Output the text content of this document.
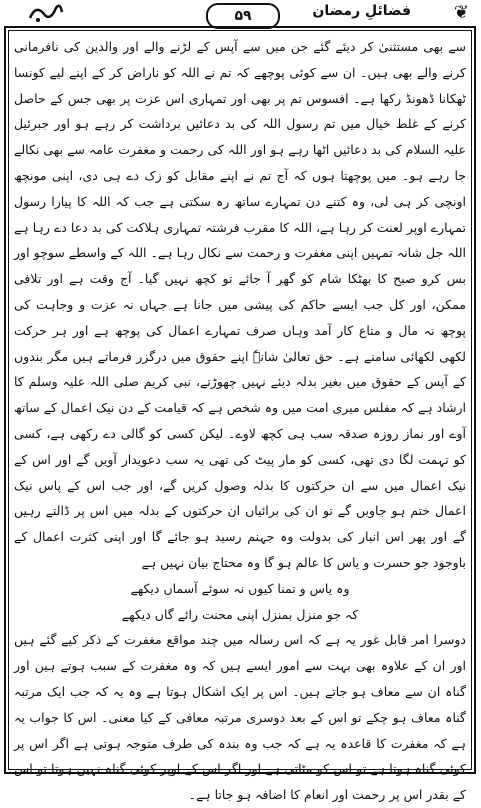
❦
فضائلِ رمضان
۵۹

سے بھی مستثنیٰ کر دیئے گئے جن میں سے آپس کے لڑنے والے اور والدین کی نافرمانی کرنے والے بھی ہیں۔ ان سے کوئی پوچھے کہ تم نے اللہ کو ناراض کر کے اپنے لیے کونسا ٹھکانا ڈھونڈ رکھا ہے۔ افسوس تم پر بھی اور تمہاری اس عزت پر بھی جس کے حاصل کرنے کے غلط خیال میں تم رسول اللہ کی بد دعائیں برداشت کر رہے ہو اور جبرئیل علیہ السلام کی بد دعائیں اٹھا رہے ہو اور اللہ کی رحمت و مغفرت عامہ سے بھی نکالے جا رہے ہو۔ میں پوچھتا ہوں کہ آج تم نے اپنے مقابل کو زک دے ہی دی، اپنی مونچھ اونچی کر ہی لی، وہ کتنے دن تمہارے ساتھ رہ سکتی ہے جب کہ اللہ کا پیارا رسول تمہارے اوپر لعنت کر رہا ہے، اللہ کا مقرب فرشتہ تمہاری ہلاکت کی بد دعا دے رہا ہے اللہ جل شانہ تمہیں اپنی مغفرت و رحمت سے نکال رہا ہے۔ اللہ کے واسطے سوچو اور بس کرو صبح کا بھٹکا شام کو گھر آ جائے تو کچھ نہیں گیا۔ آج وقت ہے اور تلافی ممکن، اور کل جب ایسے حاکم کی پیشی میں جانا ہے جہاں نہ عزت و وجاہت کی پوچھ نہ مال و متاع کار آمد وہاں صرف تمہارے اعمال کی پوچھ ہے اور ہر حرکت لکھی لکھائی سامنے ہے۔ حق تعالیٰ شانہٗ اپنے حقوق میں درگزر فرماتے ہیں مگر بندوں کے آپس کے حقوق میں بغیر بدلہ دیئے نہیں چھوڑتے، نبی کریم صلی اللہ علیہ وسلم کا ارشاد ہے کہ مفلس میری امت میں وہ شخص ہے کہ قیامت کے دن نیک اعمال کے ساتھ آوے اور نماز روزہ صدقہ سب ہی کچھ لاوے۔ لیکن کسی کو گالی دے رکھی ہے، کسی کو تہمت لگا دی تھی، کسی کو مار پیٹ کی تھی یہ سب دعویدار آویں گے اور اس کے نیک اعمال میں سے ان حرکتوں کا بدلہ وصول کریں گے، اور جب اس کے پاس نیک اعمال ختم ہو جاویں گے تو ان کی برائیاں ان حرکتوں کے بدلہ میں اس پر ڈالتے رہیں گے اور پھر اس انبار کی بدولت وہ جہنم رسید ہو جائے گا اور اپنی کثرت اعمال کے باوجود جو حسرت و یاس کا عالم ہو گا وہ محتاج بیان نہیں ہے

وہ یاس و تمنا کیوں نہ سوئے آسماں دیکھے

کہ جو منزل بمنزل اپنی محنت رائے گاں دیکھے

دوسرا امر قابل غور یہ ہے کہ اس رسالہ میں چند مواقع مغفرت کے ذکر کیے گئے ہیں اور ان کے علاوہ بھی بہت سے امور ایسے ہیں کہ وہ مغفرت کے سبب ہوتے ہیں اور گناہ ان سے معاف ہو جاتے ہیں۔ اس پر ایک اشکال ہوتا ہے وہ یہ کہ جب ایک مرتبہ گناہ معاف ہو چکے تو اس کے بعد دوسری مرتبہ معافی کے کیا معنی۔ اس کا جواب یہ ہے کہ مغفرت کا قاعدہ یہ ہے کہ جب وہ بندہ کی طرف متوجہ ہوتی ہے اگر اس پر کوئی گناہ ہوتا ہے تو اس کو مٹاتی ہے اور اگر اس کے اوپر کوئی گناہ نہیں ہوتا تو اس کے بقدر اس پر رحمت اور انعام کا اضافہ ہو جاتا ہے۔
